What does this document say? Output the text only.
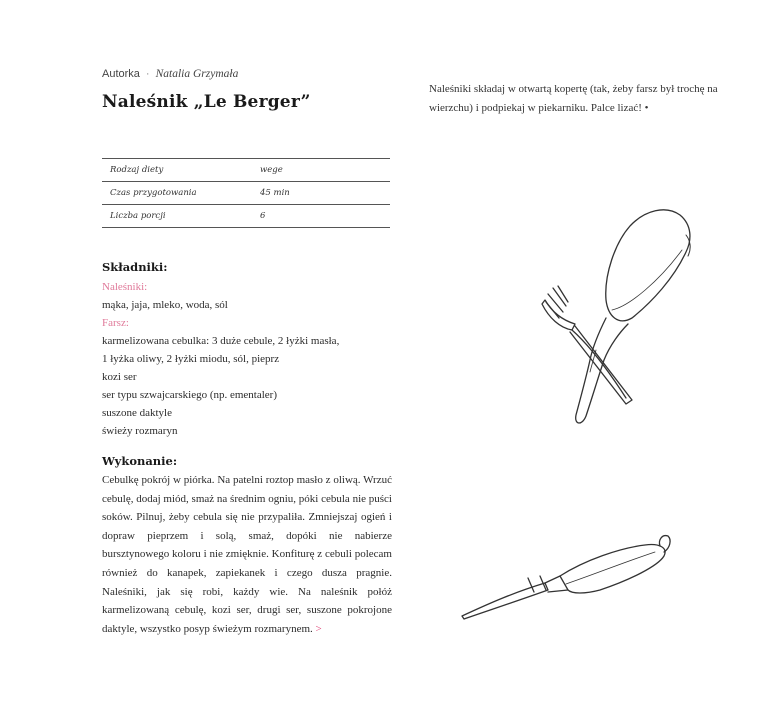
Autorka · Natalia Grzymała
Naleśnik „Le Berger”
Rodzaj diety	wege
Czas przygotowania	45 min
Liczba porcji	6
Składniki:
Naleśniki:
mąka, jaja, mleko, woda, sól
Farsz:
karmelizowana cebulka: 3 duże cebule, 2 łyżki masła,
1 łyżka oliwy, 2 łyżki miodu, sól, pieprz
kozi ser
ser typu szwajcarskiego (np. ementaler)
suszone daktyle
świeży rozmaryn
Wykonanie:

Cebulkę pokrój w piórka. Na patelni roztop masło z oliwą. Wrzuć cebulę, dodaj miód, smaż na średnim ogniu, póki cebula nie puści soków. Pilnuj, żeby cebula się nie przypaliła. Zmniejszaj ogień i dopraw pieprzem i solą, smaż, dopóki nie nabierze bursztynowego koloru i nie zmięknie. Konfiturę z cebuli polecam również do kanapek, zapiekanek i czego dusza pragnie. Naleśniki, jak się robi, każdy wie. Na naleśnik połóż karmelizowaną cebulę, kozi ser, drugi ser, suszone pokrojone daktyle, wszystko posyp świeżym rozmarynem. >

Naleśniki składaj w otwartą kopertę (tak, żeby farsz był trochę na wierzchu) i podpiekaj w piekarniku. Palce lizać! •
